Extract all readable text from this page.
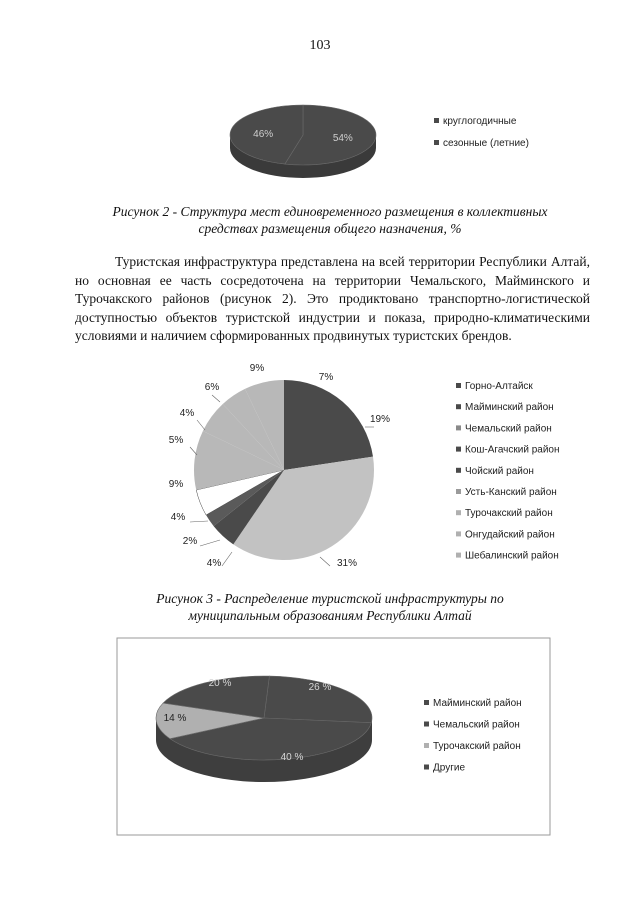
103
54%
46%
круглогодичные
сезонные (летние)
19%
31%
4%
2%
4%
9%
5%
4%
6%
9%
7%
Горно-Алтайск
Майминский район
Чемальский район
Кош-Агачский район
Чойский район
Усть-Канский район
Турочакский район
Онгудайский район
Шебалинский район
26 %
40 %
14 %
20 %
Майминский район
Чемальский район
Турочакский район
Другие
Рисунок 2 - Структура мест единовременного размещения в коллективных
средствах размещения общего назначения, %

Туристская инфраструктура представлена на всей территории Республики Алтай, но основная ее часть сосредоточена на территории Чемальского, Майминского и Турочакского районов (рисунок 2). Это продиктовано транспортно-логистической доступностью объектов туристской индустрии и показа, природно-климатическими условиями и наличием сформированных продвинутых туристских брендов.

Рисунок 3 - Распределение туристской инфраструктуры по
муниципальным образованиям Республики Алтай
